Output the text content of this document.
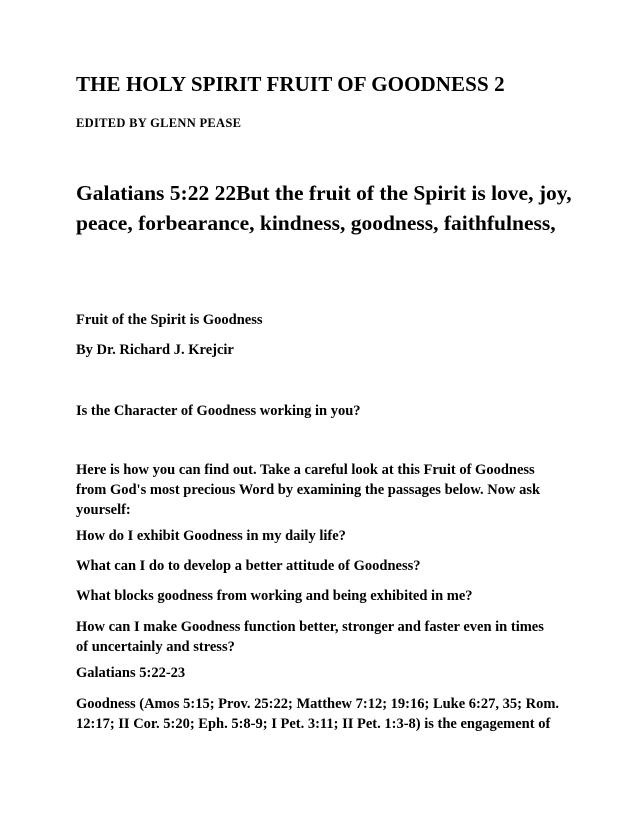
THE HOLY SPIRIT FRUIT OF GOODNESS 2
EDITED BY GLENN PEASE
Galatians 5:22 22But the fruit of the Spirit is love, joy,
peace, forbearance, kindness, goodness, faithfulness,
Fruit of the Spirit is Goodness
By Dr. Richard J. Krejcir
Is the Character of Goodness working in you?
Here is how you can find out. Take a careful look at this Fruit of Goodness
from God's most precious Word by examining the passages below. Now ask
yourself:
How do I exhibit Goodness in my daily life?
What can I do to develop a better attitude of Goodness?
What blocks goodness from working and being exhibited in me?
How can I make Goodness function better, stronger and faster even in times
of uncertainly and stress?
Galatians 5:22-23
Goodness (Amos 5:15; Prov. 25:22; Matthew 7:12; 19:16; Luke 6:27, 35; Rom.
12:17; II Cor. 5:20; Eph. 5:8-9; I Pet. 3:11; II Pet. 1:3-8) is the engagement of
